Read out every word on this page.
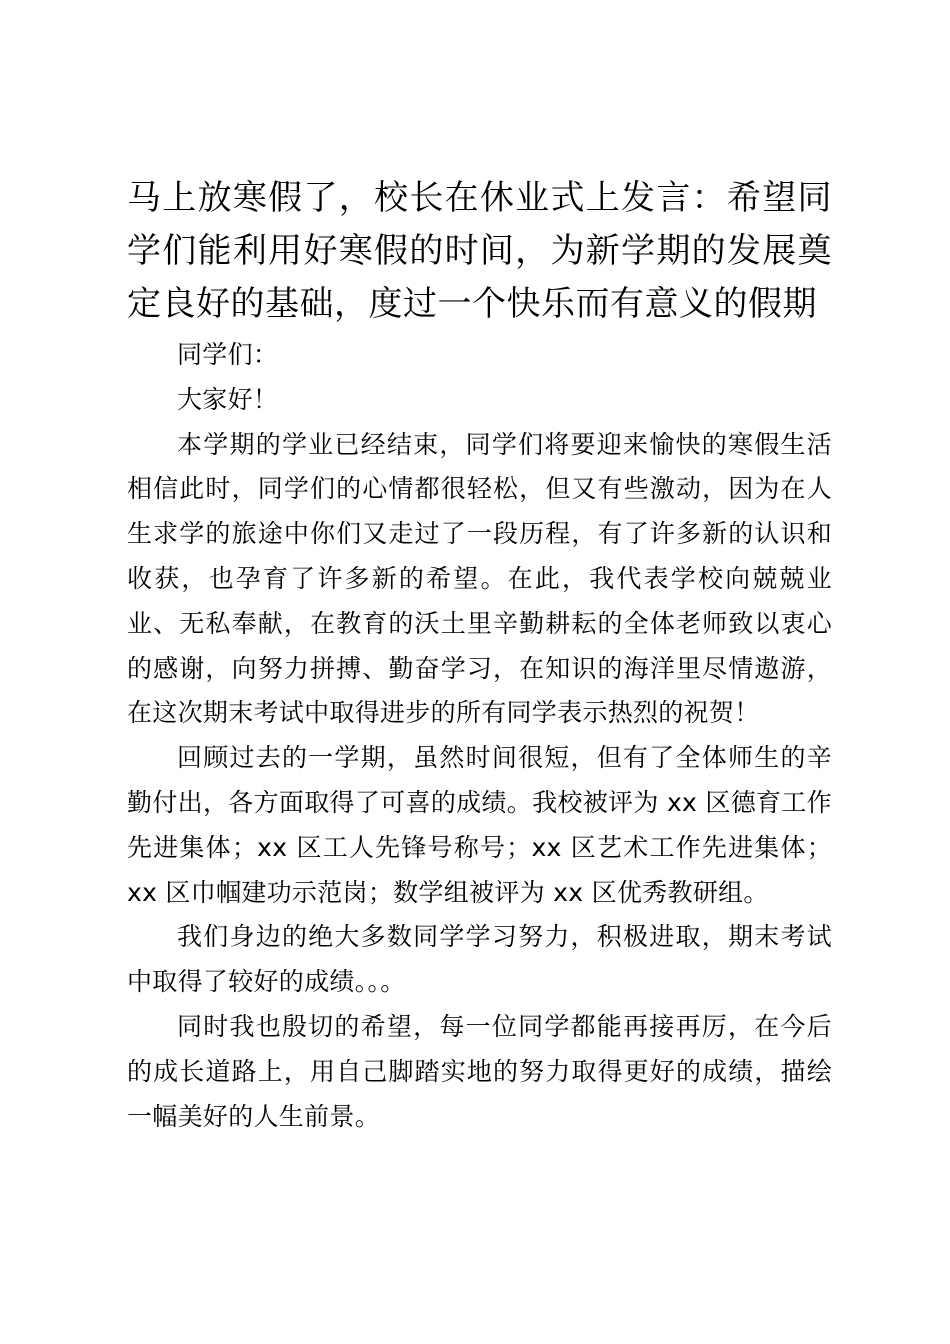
马上放寒假了，校长在休业式上发言：希望同学们能利用好寒假的时间，为新学期的发展奠定良好的基础，度过一个快乐而有意义的假期

同学们：

大家好！

本学期的学业已经结束，同学们将要迎来愉快的寒假生活相信此时，同学们的心情都很轻松，但又有些激动，因为在人生求学的旅途中你们又走过了一段历程，有了许多新的认识和收获，也孕育了许多新的希望。在此，我代表学校向兢兢业业、无私奉献，在教育的沃土里辛勤耕耘的全体老师致以衷心的感谢，向努力拼搏、勤奋学习，在知识的海洋里尽情遨游，在这次期末考试中取得进步的所有同学表示热烈的祝贺！

回顾过去的一学期，虽然时间很短，但有了全体师生的辛勤付出，各方面取得了可喜的成绩。我校被评为 xx 区德育工作先进集体；xx 区工人先锋号称号；xx 区艺术工作先进集体；xx 区巾帼建功示范岗；数学组被评为 xx 区优秀教研组。

我们身边的绝大多数同学学习努力，积极进取，期末考试中取得了较好的成绩。。。

同时我也殷切的希望，每一位同学都能再接再厉，在今后的成长道路上，用自己脚踏实地的努力取得更好的成绩，描绘一幅美好的人生前景。
